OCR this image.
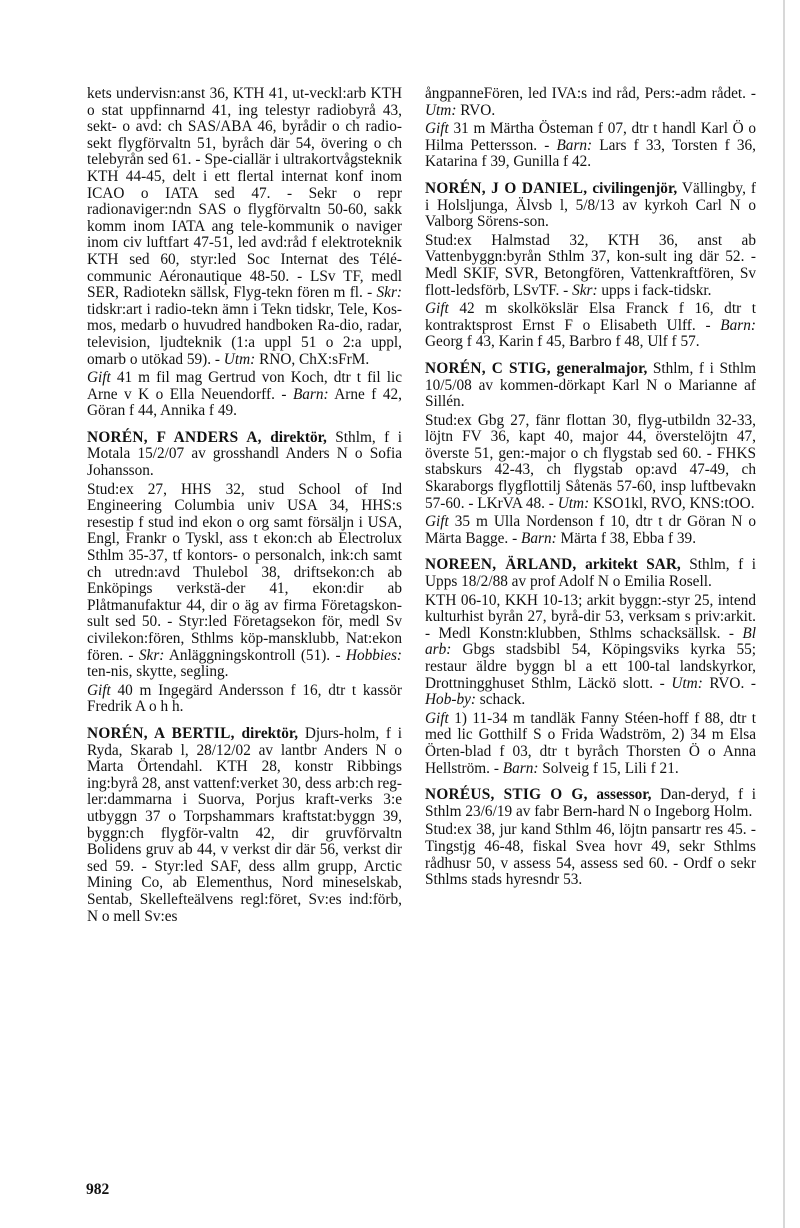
kets undervisn:anst 36, KTH 41, ut-veckl:arb KTH o stat uppfinnarnd 41, ing telestyr radiobyrå 43, sekt- o avd: ch SAS/ABA 46, byrådir o ch radio-sekt flygförvaltn 51, byråch där 54, övering o ch telebyrån sed 61. - Spe-ciallär i ultrakortvågsteknik KTH 44-45, delt i ett flertal internat konf inom ICAO o IATA sed 47. - Sekr o repr radionaviger:ndn SAS o flygförvaltn 50-60, sakk komm inom IATA ang tele-kommunik o naviger inom civ luftfart 47-51, led avd:råd f elektroteknik KTH sed 60, styr:led Soc Internat des Télé-communic Aéronautique 48-50. - LSv TF, medl SER, Radiotekn sällsk, Flyg-tekn fören m fl. - Skr: tidskr:art i radio-tekn ämn i Tekn tidskr, Tele, Kos-mos, medarb o huvudred handboken Ra-dio, radar, television, ljudteknik (1:a uppl 51 o 2:a uppl, omarb o utökad 59). - Utm: RNO, ChX:sFrM.

Gift 41 m fil mag Gertrud von Koch, dtr t fil lic Arne v K o Ella Neuendorff. - Barn: Arne f 42, Göran f 44, Annika f 49.

NORÉN, F ANDERS A, direktör, Sthlm, f i Motala 15/2/07 av grosshandl Anders N o Sofia Johansson.

Stud:ex 27, HHS 32, stud School of Ind Engineering Columbia univ USA 34, HHS:s resestip f stud ind ekon o org samt försäljn i USA, Engl, Frankr o Tyskl, ass t ekon:ch ab Electrolux Sthlm 35-37, tf kontors- o personalch, ink:ch samt ch utredn:avd Thulebol 38, driftsekon:ch ab Enköpings verkstä-der 41, ekon:dir ab Plåtmanufaktur 44, dir o äg av firma Företagskon-sult sed 50. - Styr:led Företagsekon för, medl Sv civilekon:fören, Sthlms köp-mansklubb, Nat:ekon fören. - Skr: Anläggningskontroll (51). - Hobbies: ten-nis, skytte, segling.

Gift 40 m Ingegärd Andersson f 16, dtr t kassör Fredrik A o h h.

NORÉN, A BERTIL, direktör, Djurs-holm, f i Ryda, Skarab l, 28/12/02 av lantbr Anders N o Marta Örtendahl. KTH 28, konstr Ribbings ing:byrå 28, anst vattenf:verket 30, dess arb:ch reg-ler:dammarna i Suorva, Porjus kraft-verks 3:e utbyggn 37 o Torpshammars kraftstat:byggn 39, byggn:ch flygför-valtn 42, dir gruvförvaltn Bolidens gruv ab 44, v verkst dir där 56, verkst dir sed 59. - Styr:led SAF, dess allm grupp, Arctic Mining Co, ab Elementhus, Nord mineselskab, Sentab, Skellefteälvens regl:föret, Sv:es ind:förb, N o mell Sv:es

ångpanneFören, led IVA:s ind råd, Pers:-adm rådet. - Utm: RVO.

Gift 31 m Märtha Östeman f 07, dtr t handl Karl Ö o Hilma Pettersson. - Barn: Lars f 33, Torsten f 36, Katarina f 39, Gunilla f 42.

NORÉN, J O DANIEL, civilingenjör, Vällingby, f i Holsljunga, Älvsb l, 5/8/13 av kyrkoh Carl N o Valborg Sörens-son.

Stud:ex Halmstad 32, KTH 36, anst ab Vattenbyggn:byrån Sthlm 37, kon-sult ing där 52. - Medl SKIF, SVR, Betongfören, Vattenkraftfören, Sv flott-ledsförb, LSvTF. - Skr: upps i fack-tidskr.

Gift 42 m skolkökslär Elsa Franck f 16, dtr t kontraktsprost Ernst F o Elisabeth Ulff. - Barn: Georg f 43, Karin f 45, Barbro f 48, Ulf f 57.

NORÉN, C STIG, generalmajor, Sthlm, f i Sthlm 10/5/08 av kommen-dörkapt Karl N o Marianne af Sillén.

Stud:ex Gbg 27, fänr flottan 30, flyg-utbildn 32-33, löjtn FV 36, kapt 40, major 44, överstelöjtn 47, överste 51, gen:-major o ch flygstab sed 60. - FHKS stabskurs 42-43, ch flygstab op:avd 47-49, ch Skaraborgs flygflottilj Såtenäs 57-60, insp luftbevakn 57-60. - LKrVA 48. - Utm: KSO1kl, RVO, KNS:tOO.

Gift 35 m Ulla Nordenson f 10, dtr t dr Göran N o Märta Bagge. - Barn: Märta f 38, Ebba f 39.

NOREEN, ÄRLAND, arkitekt SAR, Sthlm, f i Upps 18/2/88 av prof Adolf N o Emilia Rosell.

KTH 06-10, KKH 10-13; arkit byggn:-styr 25, intend kulturhist byrån 27, byrå-dir 53, verksam s priv:arkit. - Medl Konstn:klubben, Sthlms schacksällsk. - Bl arb: Gbgs stadsbibl 54, Köpingsviks kyrka 55; restaur äldre byggn bl a ett 100-tal landskyrkor, Drottningghuset Sthlm, Läckö slott. - Utm: RVO. - Hob-by: schack.

Gift 1) 11-34 m tandläk Fanny Stéen-hoff f 88, dtr t med lic Gotthilf S o Frida Wadström, 2) 34 m Elsa Örten-blad f 03, dtr t byråch Thorsten Ö o Anna Hellström. - Barn: Solveig f 15, Lili f 21.

NORÉUS, STIG O G, assessor, Dan-deryd, f i Sthlm 23/6/19 av fabr Bern-hard N o Ingeborg Holm.

Stud:ex 38, jur kand Sthlm 46, löjtn pansartr res 45. - Tingstjg 46-48, fiskal Svea hovr 49, sekr Sthlms rådhusr 50, v assess 54, assess sed 60. - Ordf o sekr Sthlms stads hyresndr 53.

982
